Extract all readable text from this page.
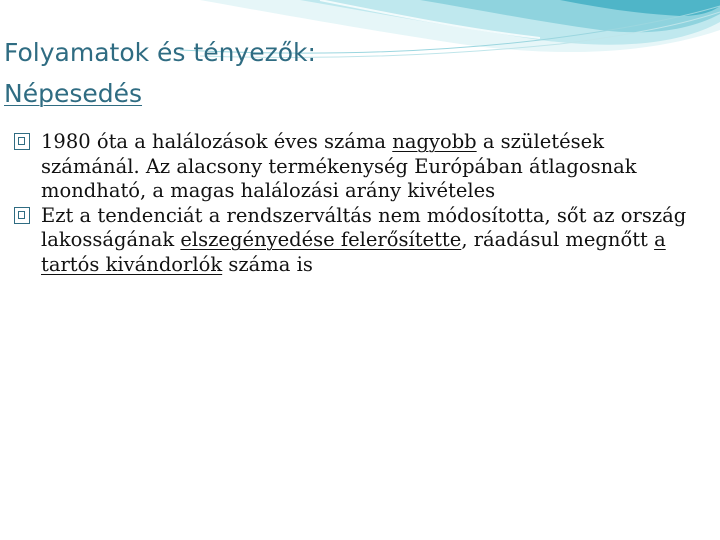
Folyamatok és tényezők:
Népesedés

1980 óta a halálozások éves száma nagyobb a születések számánál. Az alacsony termékenység Európában átlagosnak mondható, a magas halálozási arány kivételes

Ezt a tendenciát a rendszerváltás nem módosította, sőt az ország lakosságának elszegényedése felerősítette, ráadásul megnőtt a tartós kivándorlók száma is
